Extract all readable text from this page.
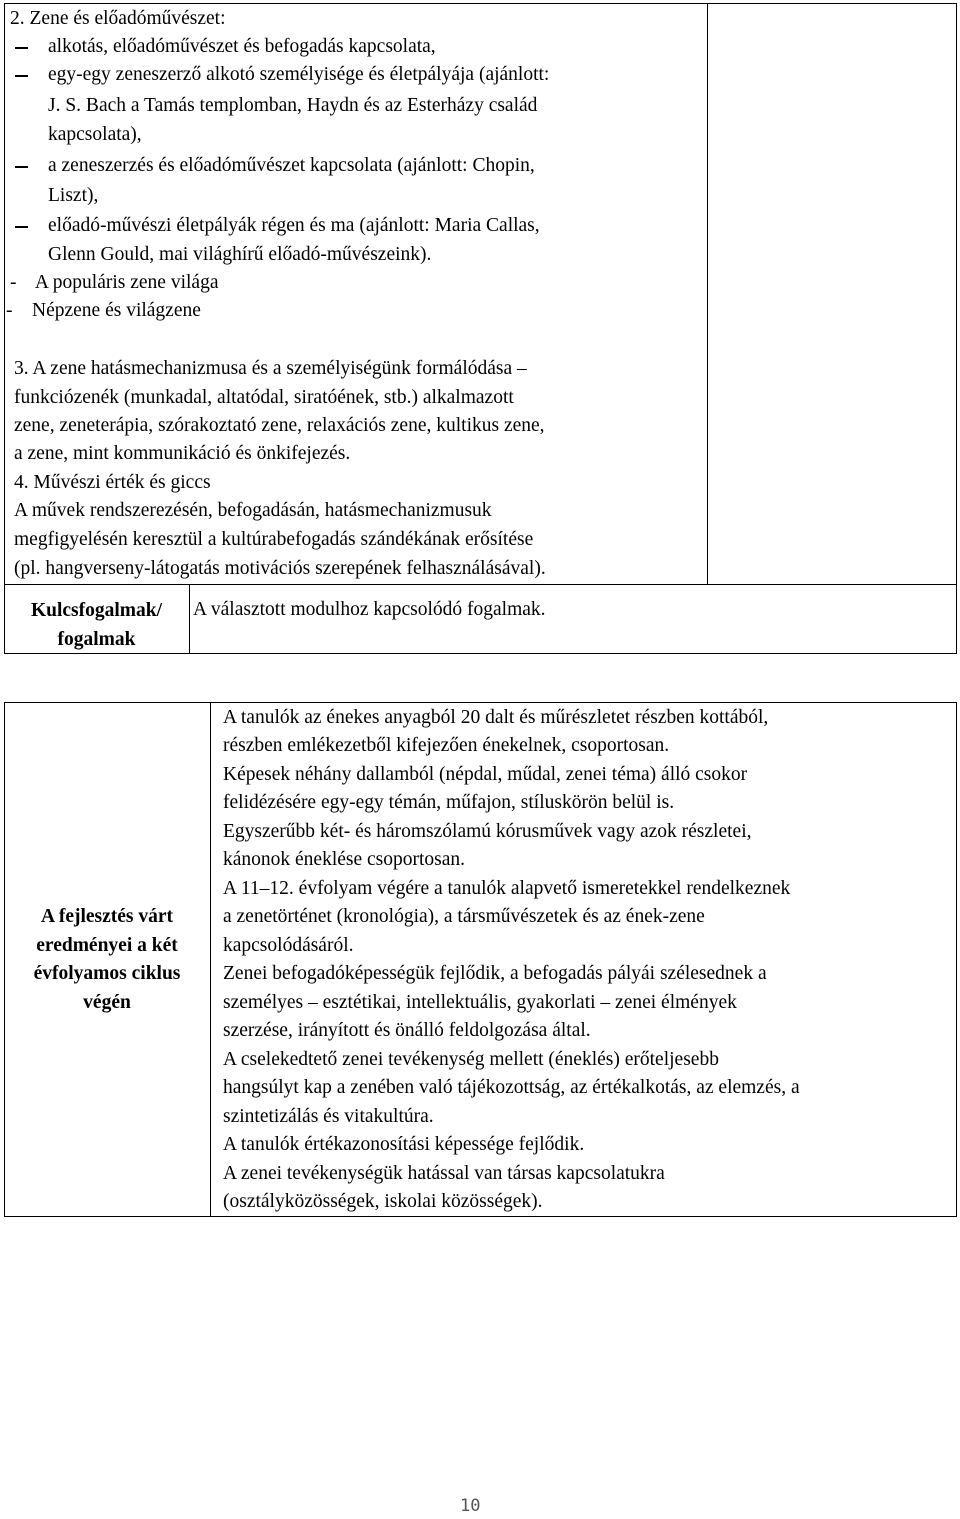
2. Zene és előadóművészet:
alkotás, előadóművészet és befogadás kapcsolata,
egy-egy zeneszerző alkotó személyisége és életpályája (ajánlott:
J. S. Bach a Tamás templomban, Haydn és az Esterházy család
kapcsolata),
a zeneszerzés és előadóművészet kapcsolata (ajánlott: Chopin,
Liszt),
előadó-művészi életpályák régen és ma (ajánlott: Maria Callas,
Glenn Gould, mai világhírű előadó-művészeink).
-    A populáris zene világa
-    Népzene és világzene
3. A zene hatásmechanizmusa és a személyiségünk formálódása –
funkciózenék (munkadal, altatódal, siratóének, stb.) alkalmazott
zene, zeneterápia, szórakoztató zene, relaxációs zene, kultikus zene,
a zene, mint kommunikáció és önkifejezés.
4. Művészi érték és giccs
A művek rendszerezésén, befogadásán, hatásmechanizmusuk
megfigyelésén keresztül a kultúrabefogadás szándékának erősítése
(pl. hangverseny-látogatás motivációs szerepének felhasználásával).
Kulcsfogalmak/
fogalmak
A választott modulhoz kapcsolódó fogalmak.
A fejlesztés várt
eredményei a két
évfolyamos ciklus
végén
A tanulók az énekes anyagból 20 dalt és műrészletet részben kottából,
részben emlékezetből kifejezően énekelnek, csoportosan.
Képesek néhány dallamból (népdal, műdal, zenei téma) álló csokor
felidézésére egy-egy témán, műfajon, stíluskörön belül is.
Egyszerűbb két- és háromszólamú kórusművek vagy azok részletei,
kánonok éneklése csoportosan.
A 11–12. évfolyam végére a tanulók alapvető ismeretekkel rendelkeznek
a zenetörténet (kronológia), a társművészetek és az ének-zene
kapcsolódásáról.
Zenei befogadóképességük fejlődik, a befogadás pályái szélesednek a
személyes – esztétikai, intellektuális, gyakorlati – zenei élmények
szerzése, irányított és önálló feldolgozása által.
A cselekedtető zenei tevékenység mellett (éneklés) erőteljesebb
hangsúlyt kap a zenében való tájékozottság, az értékalkotás, az elemzés, a
szintetizálás és vitakultúra.
A tanulók értékazonosítási képessége fejlődik.
A zenei tevékenységük hatással van társas kapcsolatukra
(osztályközösségek, iskolai közösségek).
10
